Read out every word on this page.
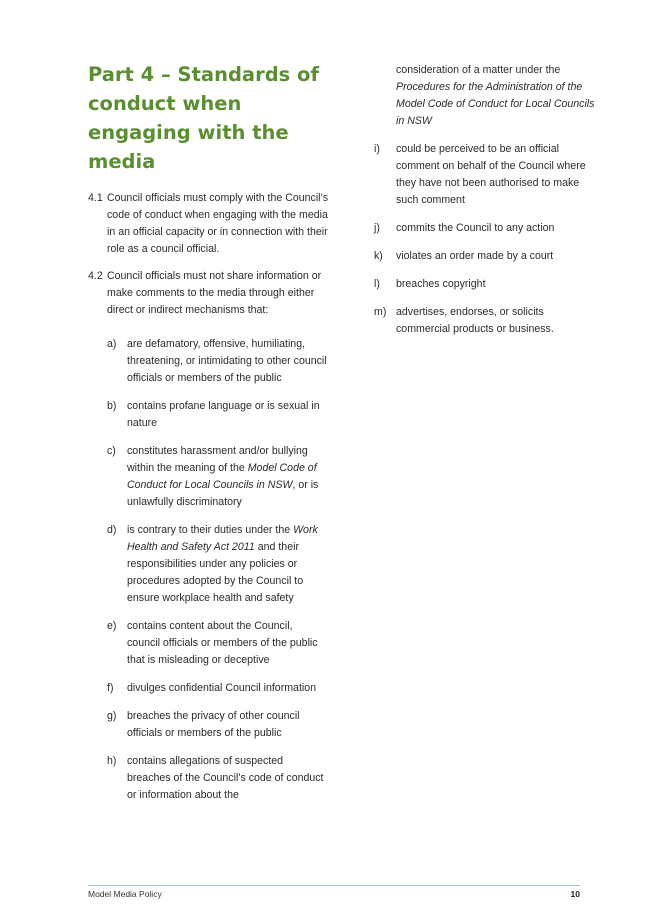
Part 4 – Standards of
conduct when
engaging with the
media
4.1 Council officials must comply with the Council’s code of conduct when engaging with the media in an official capacity or in connection with their role as a council official.
4.2 Council officials must not share information or make comments to the media through either direct or indirect mechanisms that:
a) are defamatory, offensive, humiliating, threatening, or intimidating to other council officials or members of the public
b) contains profane language or is sexual in nature
c) constitutes harassment and/or bullying within the meaning of the Model Code of Conduct for Local Councils in NSW, or is unlawfully discriminatory
d) is contrary to their duties under the Work Health and Safety Act 2011 and their responsibilities under any policies or procedures adopted by the Council to ensure workplace health and safety
e) contains content about the Council, council officials or members of the public that is misleading or deceptive
f) divulges confidential Council information
g) breaches the privacy of other council officials or members of the public
h) contains allegations of suspected breaches of the Council’s code of conduct or information about the
consideration of a matter under the Procedures for the Administration of the Model Code of Conduct for Local Councils in NSW
i) could be perceived to be an official comment on behalf of the Council where they have not been authorised to make such comment
j) commits the Council to any action
k) violates an order made by a court
l) breaches copyright
m) advertises, endorses, or solicits commercial products or business.
Model Media Policy	10
